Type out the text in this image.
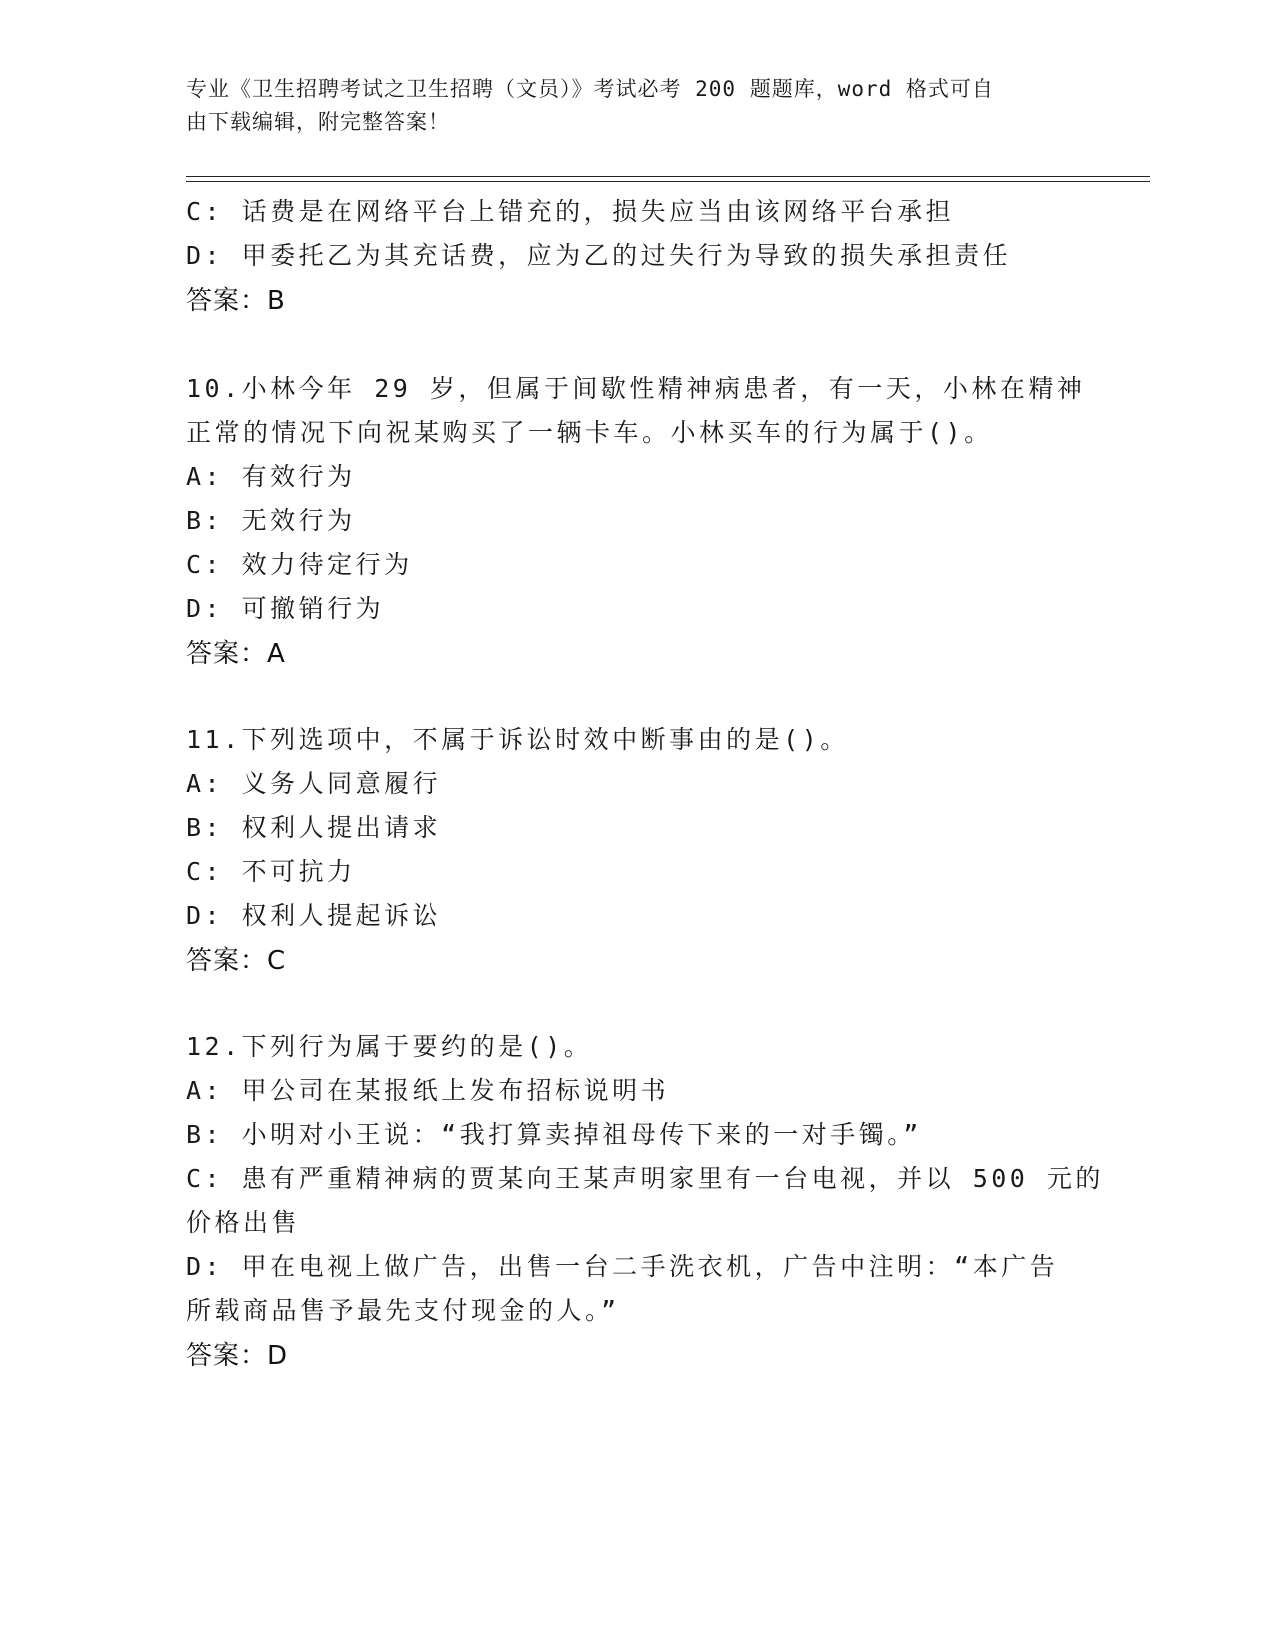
专业《卫生招聘考试之卫生招聘（文员）》考试必考 200 题题库，word 格式可自
由下载编辑，附完整答案！
C: 话费是在网络平台上错充的，损失应当由该网络平台承担
D: 甲委托乙为其充话费，应为乙的过失行为导致的损失承担责任
答案：B
10.小林今年 29 岁，但属于间歇性精神病患者，有一天，小林在精神
正常的情况下向祝某购买了一辆卡车。小林买车的行为属于()。
A: 有效行为
B: 无效行为
C: 效力待定行为
D: 可撤销行为
答案：A
11.下列选项中，不属于诉讼时效中断事由的是()。
A: 义务人同意履行
B: 权利人提出请求
C: 不可抗力
D: 权利人提起诉讼
答案：C
12.下列行为属于要约的是()。
A: 甲公司在某报纸上发布招标说明书
B: 小明对小王说：“我打算卖掉祖母传下来的一对手镯。”
C: 患有严重精神病的贾某向王某声明家里有一台电视，并以 500 元的
价格出售
D: 甲在电视上做广告，出售一台二手洗衣机，广告中注明：“本广告
所载商品售予最先支付现金的人。”
答案：D
